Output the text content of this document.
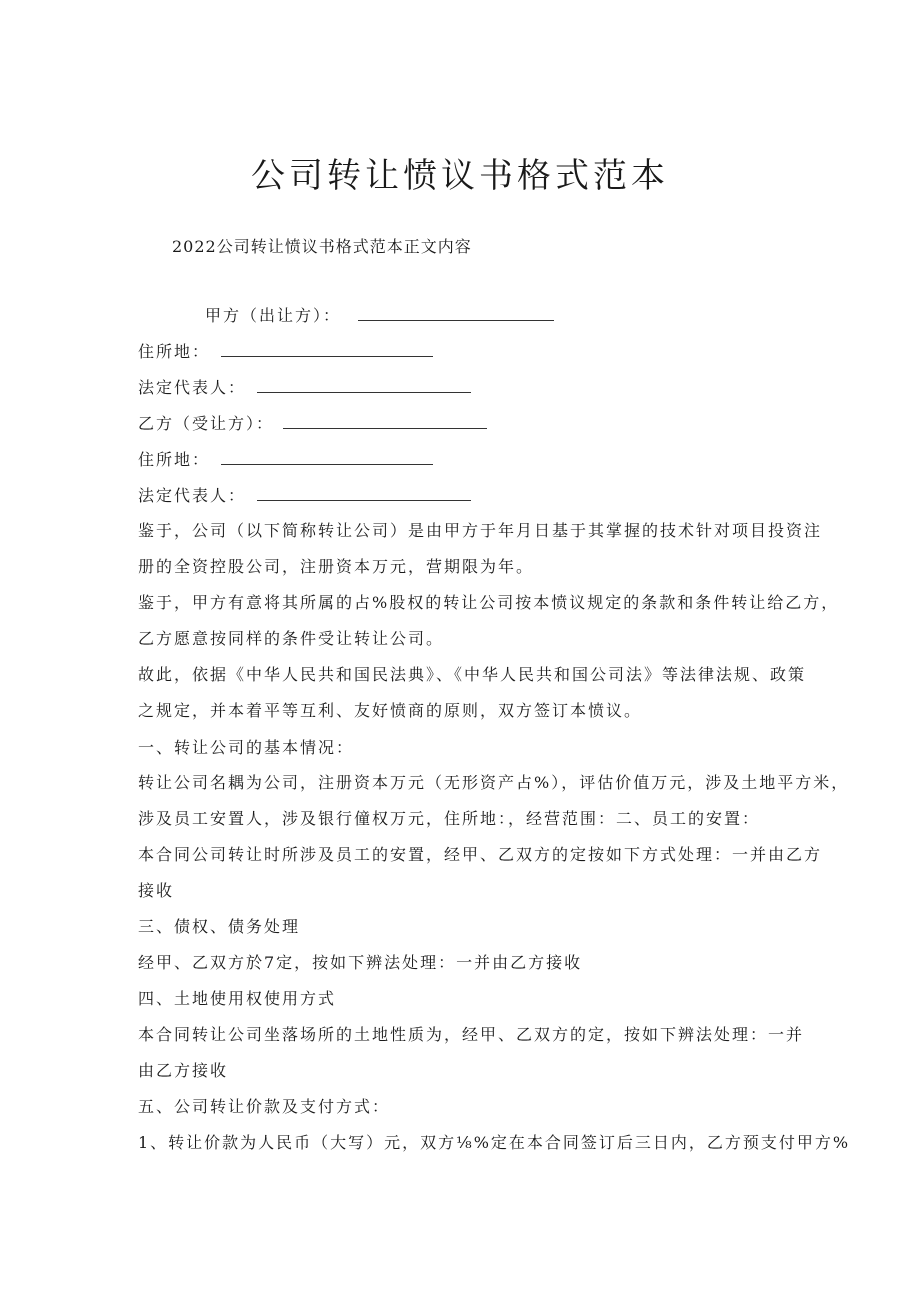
公司转让愤议书格式范本
2022公司转让愤议书格式范本正文内容
甲方（出让方）：
住所地：
法定代表人：
乙方（受让方）：
住所地：
法定代表人：
鉴于，公司（以下简称转让公司）是由甲方于年月日基于其掌握的技术针对项目投资注
册的全资控股公司，注册资本万元，营期限为年。
鉴于，甲方有意将其所属的占%股权的转让公司按本愤议规定的条款和条件转让给乙方，
乙方愿意按同样的条件受让转让公司。
故此，依据《中华人民共和国民法典》、《中华人民共和国公司法》等法律法规、政策
之规定，并本着平等互利、友好愤商的原则，双方签订本愤议。
一、转让公司的基本情况：
转让公司名耦为公司，注册资本万元（无形资产占%），评估价值万元，涉及土地平方米，
涉及员工安置人，涉及银行僮权万元，住所地：，经营范围：二、员工的安置：
本合同公司转让时所涉及员工的安置，经甲、乙双方的定按如下方式处理：一并由乙方
接收
三、债权、债务处理
经甲、乙双方於7定，按如下辨法处理：一并由乙方接收
四、土地使用权使用方式
本合同转让公司坐落场所的土地性质为，经甲、乙双方的定，按如下辨法处理：一并
由乙方接收
五、公司转让价款及支付方式：
1、转让价款为人民币（大写）元，双方⅛%定在本合同签订后三日内，乙方预支付甲方%
